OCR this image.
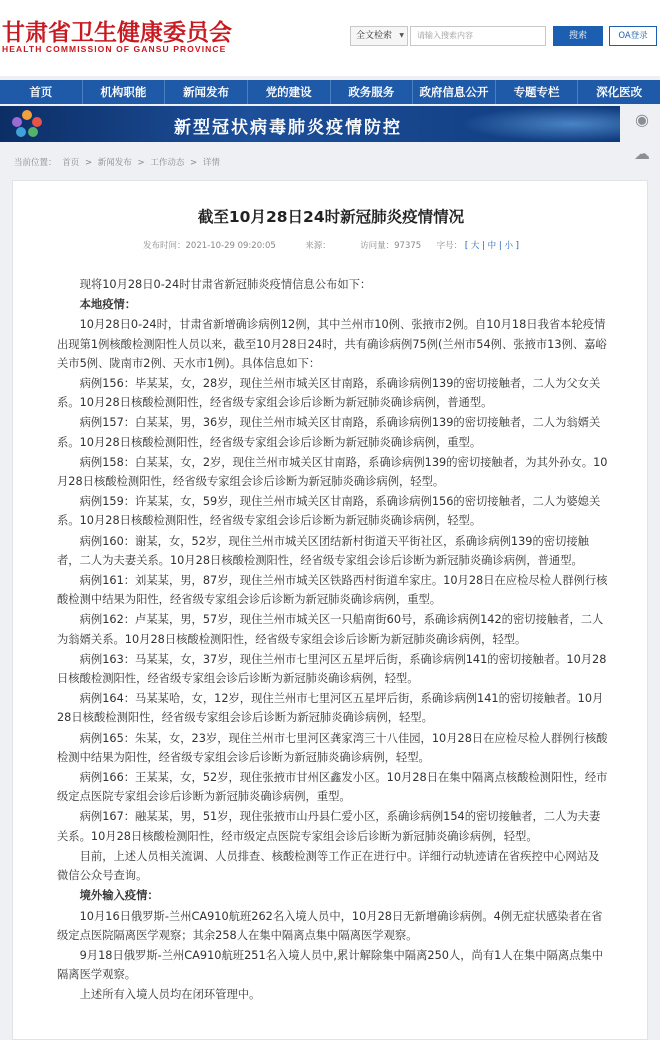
甘肃省卫生健康委员会
HEALTH COMMISSION OF GANSU PROVINCE
全文检索 ▼	请输入搜索内容	搜索	OA登录
首页	机构职能	新闻发布	党的建设	政务服务	政府信息公开	专题专栏	深化医改
新型冠状病毒肺炎疫情防控	◉
☁
当前位置： 首页 > 新闻发布 > 工作动态 > 详情
截至10月28日24时新冠肺炎疫情情况
发布时间：2021-10-29 09:20:05	来源：	访问量：97375 字号： [ 大 | 中 | 小 ]

现将10月28日0-24时甘肃省新冠肺炎疫情信息公布如下：

本地疫情：

10月28日0-24时，甘肃省新增确诊病例12例，其中兰州市10例、张掖市2例。自10月18日我省本轮疫情出现第1例核酸检测阳性人员以来，截至10月28日24时，共有确诊病例75例(兰州市54例、张掖市13例、嘉峪关市5例、陇南市2例、天水市1例)。具体信息如下：

病例156：毕某某，女，28岁，现住兰州市城关区甘南路，系确诊病例139的密切接触者，二人为父女关系。10月28日核酸检测阳性，经省级专家组会诊后诊断为新冠肺炎确诊病例，普通型。

病例157：白某某，男，36岁，现住兰州市城关区甘南路，系确诊病例139的密切接触者，二人为翁婿关系。10月28日核酸检测阳性，经省级专家组会诊后诊断为新冠肺炎确诊病例，重型。

病例158：白某某，女，2岁，现住兰州市城关区甘南路，系确诊病例139的密切接触者，为其外孙女。10月28日核酸检测阳性，经省级专家组会诊后诊断为新冠肺炎确诊病例，轻型。

病例159：许某某，女，59岁，现住兰州市城关区甘南路，系确诊病例156的密切接触者，二人为婆媳关系。10月28日核酸检测阳性，经省级专家组会诊后诊断为新冠肺炎确诊病例，轻型。

病例160：谢某，女，52岁，现住兰州市城关区团结新村街道天平街社区，系确诊病例139的密切接触者，二人为夫妻关系。10月28日核酸检测阳性，经省级专家组会诊后诊断为新冠肺炎确诊病例，普通型。

病例161：刘某某，男，87岁，现住兰州市城关区铁路西村街道牟家庄。10月28日在应检尽检人群例行核酸检测中结果为阳性，经省级专家组会诊后诊断为新冠肺炎确诊病例，重型。

病例162：卢某某，男，57岁，现住兰州市城关区一只船南街60号，系确诊病例142的密切接触者，二人为翁婿关系。10月28日核酸检测阳性，经省级专家组会诊后诊断为新冠肺炎确诊病例，轻型。

病例163：马某某，女，37岁，现住兰州市七里河区五星坪后街，系确诊病例141的密切接触者。10月28日核酸检测阳性，经省级专家组会诊后诊断为新冠肺炎确诊病例，轻型。

病例164：马某某哈，女，12岁，现住兰州市七里河区五星坪后街，系确诊病例141的密切接触者。10月28日核酸检测阳性，经省级专家组会诊后诊断为新冠肺炎确诊病例，轻型。

病例165：朱某，女，23岁，现住兰州市七里河区龚家湾三十八佳园，10月28日在应检尽检人群例行核酸检测中结果为阳性，经省级专家组会诊后诊断为新冠肺炎确诊病例，轻型。

病例166：王某某，女，52岁，现住张掖市甘州区鑫发小区。10月28日在集中隔离点核酸检测阳性，经市级定点医院专家组会诊后诊断为新冠肺炎确诊病例，重型。

病例167：融某某，男，51岁，现住张掖市山丹县仁爱小区，系确诊病例154的密切接触者，二人为夫妻关系。10月28日核酸检测阳性，经市级定点医院专家组会诊后诊断为新冠肺炎确诊病例，轻型。

目前，上述人员相关流调、人员排查、核酸检测等工作正在进行中。详细行动轨迹请在省疾控中心网站及微信公众号查询。

境外输入疫情：

10月16日俄罗斯-兰州CA910航班262名入境人员中，10月28日无新增确诊病例。4例无症状感染者在省级定点医院隔离医学观察；其余258人在集中隔离点集中隔离医学观察。

9月18日俄罗斯-兰州CA910航班251名入境人员中,累计解除集中隔离250人，尚有1人在集中隔离点集中隔离医学观察。

上述所有入境人员均在闭环管理中。
